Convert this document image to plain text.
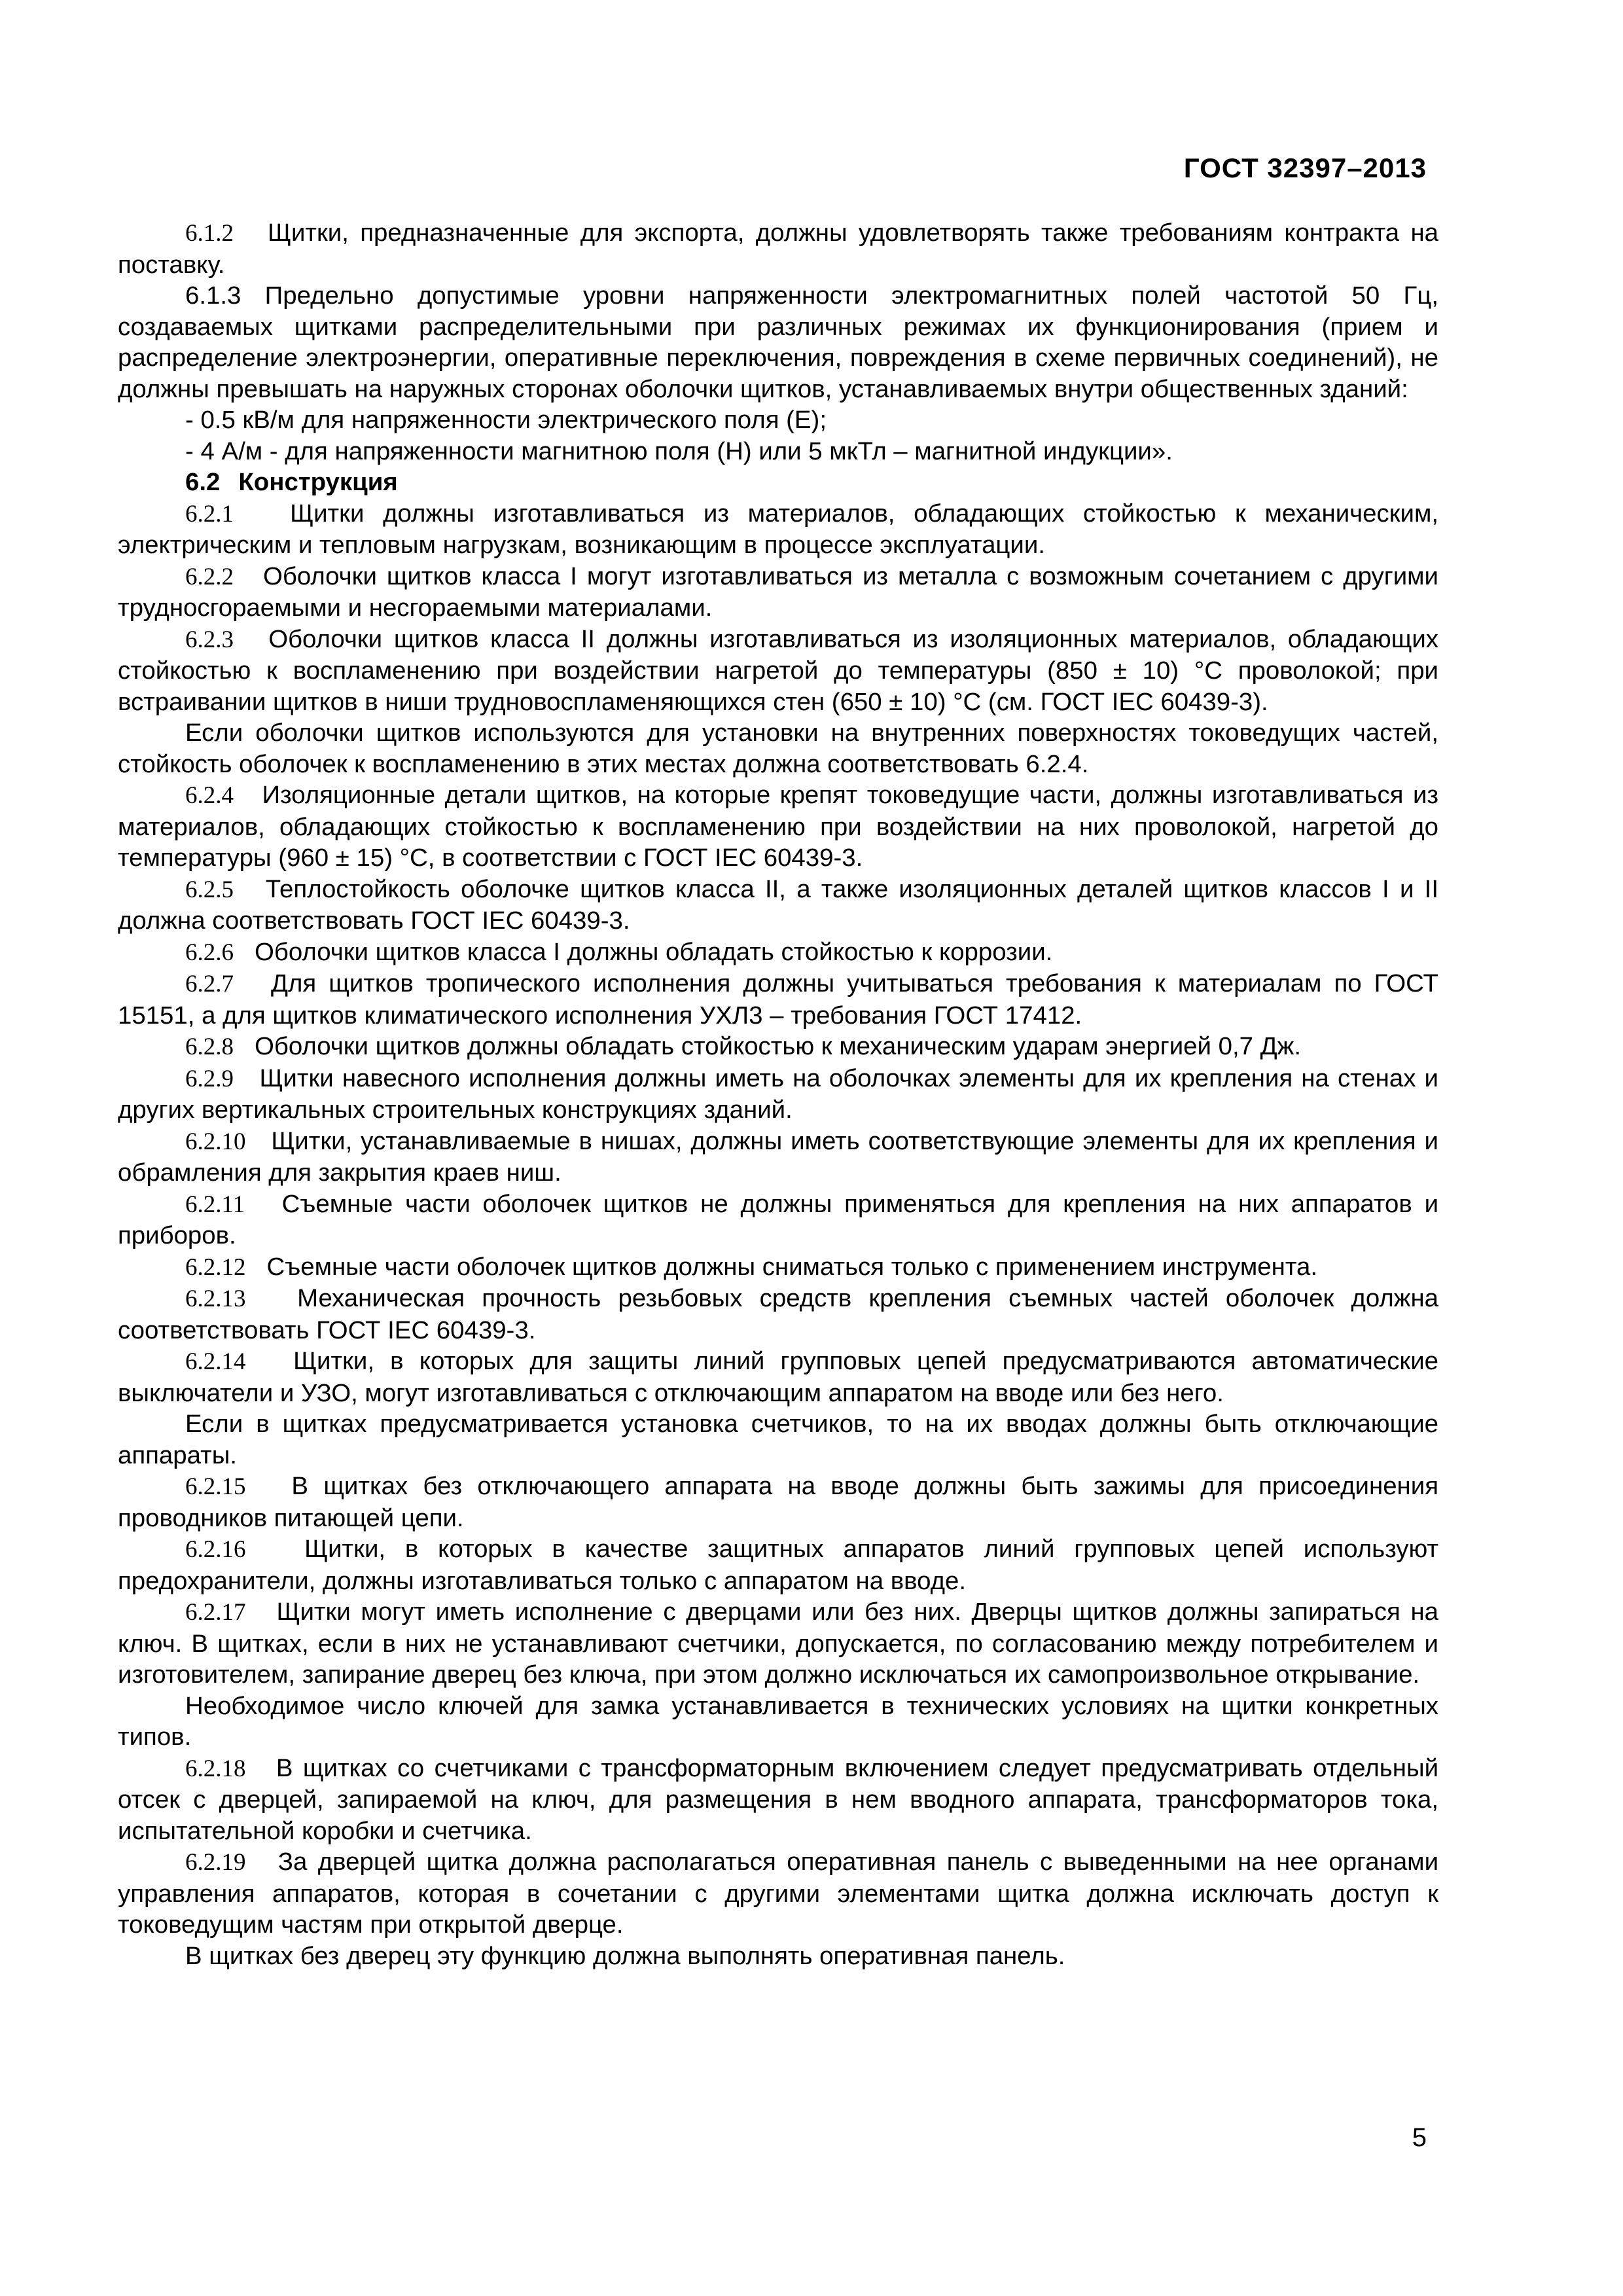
ГОСТ 32397–2013

6.1.2 Щитки, предназначенные для экспорта, должны удовлетворять также требованиям контракта на поставку.

6.1.3 Предельно допустимые уровни напряженности электромагнитных полей частотой 50 Гц, создаваемых щитками распределительными при различных режимах их функционирования (прием и распределение электроэнергии, оперативные переключения, повреждения в схеме первичных соединений), не должны превышать на наружных сторонах оболочки щитков, устанавливаемых внутри общественных зданий:

- 0.5 кВ/м для напряженности электрического поля (Е);

- 4 А/м - для напряженности магнитною поля (Н) или 5 мкТл – магнитной индукции».

6.2 Конструкция

6.2.1 Щитки должны изготавливаться из материалов, обладающих стойкостью к механическим, электрическим и тепловым нагрузкам, возникающим в процессе эксплуатации.

6.2.2 Оболочки щитков класса I могут изготавливаться из металла с возможным сочетанием с другими трудносгораемыми и несгораемыми материалами.

6.2.3 Оболочки щитков класса II должны изготавливаться из изоляционных материалов, обладающих стойкостью к воспламенению при воздействии нагретой до температуры (850 ± 10) °С проволокой; при встраивании щитков в ниши трудновоспламеняющихся стен (650 ± 10) °С (см. ГОСТ IEC 60439-3).

Если оболочки щитков используются для установки на внутренних поверхностях токоведущих частей, стойкость оболочек к воспламенению в этих местах должна соответствовать 6.2.4.

6.2.4 Изоляционные детали щитков, на которые крепят токоведущие части, должны изготавливаться из материалов, обладающих стойкостью к воспламенению при воздействии на них проволокой, нагретой до температуры (960 ± 15) °С, в соответствии с ГОСТ IEC 60439-3.

6.2.5 Теплостойкость оболочке щитков класса II, а также изоляционных деталей щитков классов I и II должна соответствовать ГОСТ IEC 60439-3.

6.2.6 Оболочки щитков класса I должны обладать стойкостью к коррозии.

6.2.7 Для щитков тропического исполнения должны учитываться требования к материалам по ГОСТ 15151, а для щитков климатического исполнения УХЛ3 – требования ГОСТ 17412.

6.2.8 Оболочки щитков должны обладать стойкостью к механическим ударам энергией 0,7 Дж.

6.2.9 Щитки навесного исполнения должны иметь на оболочках элементы для их крепления на стенах и других вертикальных строительных конструкциях зданий.

6.2.10 Щитки, устанавливаемые в нишах, должны иметь соответствующие элементы для их крепления и обрамления для закрытия краев ниш.

6.2.11 Съемные части оболочек щитков не должны применяться для крепления на них аппаратов и приборов.

6.2.12 Съемные части оболочек щитков должны сниматься только с применением инструмента.

6.2.13 Механическая прочность резьбовых средств крепления съемных частей оболочек должна соответствовать ГОСТ IEC 60439-3.

6.2.14 Щитки, в которых для защиты линий групповых цепей предусматриваются автоматические выключатели и УЗО, могут изготавливаться с отключающим аппаратом на вводе или без него.

Если в щитках предусматривается установка счетчиков, то на их вводах должны быть отключающие аппараты.

6.2.15 В щитках без отключающего аппарата на вводе должны быть зажимы для присоединения проводников питающей цепи.

6.2.16 Щитки, в которых в качестве защитных аппаратов линий групповых цепей используют предохранители, должны изготавливаться только с аппаратом на вводе.

6.2.17 Щитки могут иметь исполнение с дверцами или без них. Дверцы щитков должны запираться на ключ. В щитках, если в них не устанавливают счетчики, допускается, по согласованию между потребителем и изготовителем, запирание дверец без ключа, при этом должно исключаться их самопроизвольное открывание.

Необходимое число ключей для замка устанавливается в технических условиях на щитки конкретных типов.

6.2.18 В щитках со счетчиками с трансформаторным включением следует предусматривать отдельный отсек с дверцей, запираемой на ключ, для размещения в нем вводного аппарата, трансформаторов тока, испытательной коробки и счетчика.

6.2.19 За дверцей щитка должна располагаться оперативная панель с выведенными на нее органами управления аппаратов, которая в сочетании с другими элементами щитка должна исключать доступ к токоведущим частям при открытой дверце.

В щитках без дверец эту функцию должна выполнять оперативная панель.

5
